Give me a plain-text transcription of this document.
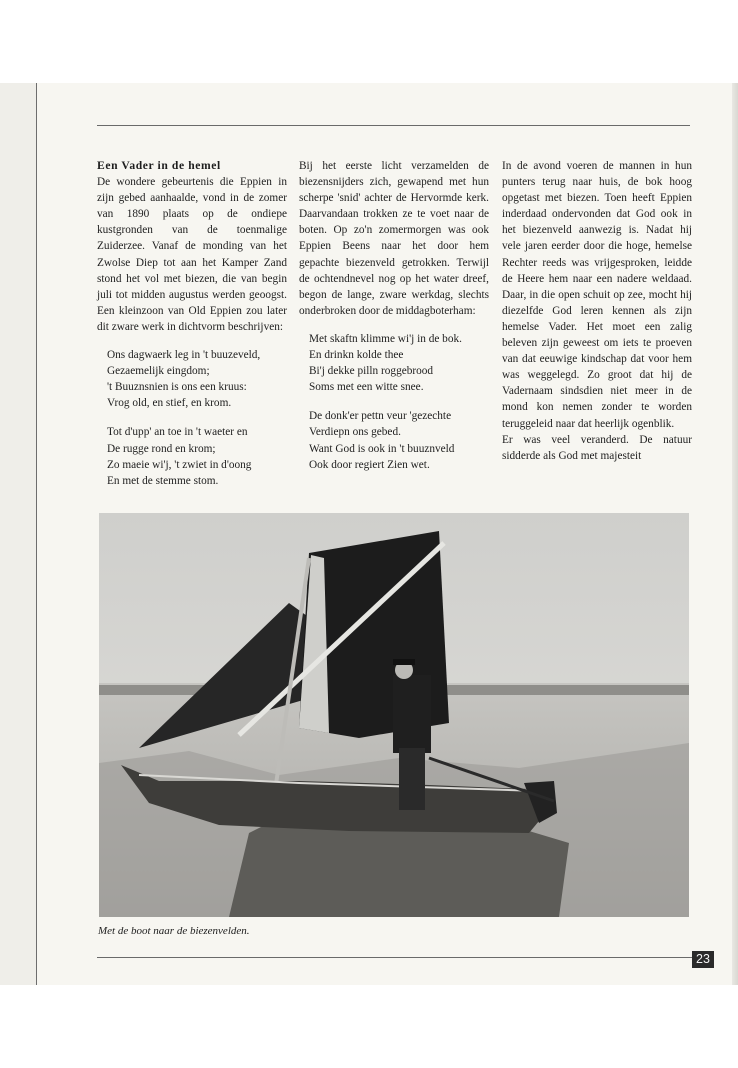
Een Vader in de hemel

De wondere gebeurtenis die Eppien in zijn gebed aanhaalde, vond in de zomer van 1890 plaats op de ondiepe kustgronden van de toenmalige Zuiderzee. Vanaf de monding van het Zwolse Diep tot aan het Kamper Zand stond het vol met biezen, die van begin juli tot midden augustus werden geoogst. Een kleinzoon van Old Eppien zou later dit zware werk in dichtvorm beschrijven:

Ons dagwaerk leg in 't buuzeveld,
Gezaemelijk eingdom;
't Buuznsnien is ons een kruus:
Vrog old, en stief, en krom.
Tot d'upp' an toe in 't waeter en
De rugge rond en krom;
Zo maeie wi'j, 't zwiet in d'oong
En met de stemme stom.

Bij het eerste licht verzamelden de biezensnijders zich, gewapend met hun scherpe 'snid' achter de Hervormde kerk. Daarvandaan trokken ze te voet naar de boten. Op zo'n zomermorgen was ook Eppien Beens naar het door hem gepachte biezenveld getrokken. Terwijl de ochtendnevel nog op het water dreef, begon de lange, zware werkdag, slechts onderbroken door de middagboterham:

Met skaftn klimme wi'j in de bok.
En drinkn kolde thee
Bi'j dekke pilln roggebrood
Soms met een witte snee.
De donk'er pettn veur 'gezechte
Verdiepn ons gebed.
Want God is ook in 't buuznveld
Ook door regiert Zien wet.

In de avond voeren de mannen in hun punters terug naar huis, de bok hoog opgetast met biezen. Toen heeft Eppien inderdaad ondervonden dat God ook in het biezenveld aanwezig is. Nadat hij vele jaren eerder door die hoge, hemelse Rechter reeds was vrijgesproken, leidde de Heere hem naar een nadere weldaad. Daar, in die open schuit op zee, mocht hij diezelfde God leren kennen als zijn hemelse Vader. Het moet een zalig beleven zijn geweest om iets te proeven van dat eeuwige kindschap dat voor hem was weggelegd. Zo groot dat hij de Vadernaam sindsdien niet meer in de mond kon nemen zonder te worden teruggeleid naar dat heerlijk ogenblik.

Er was veel veranderd. De natuur sidderde als God met majesteit

Met de boot naar de biezenvelden.
23
